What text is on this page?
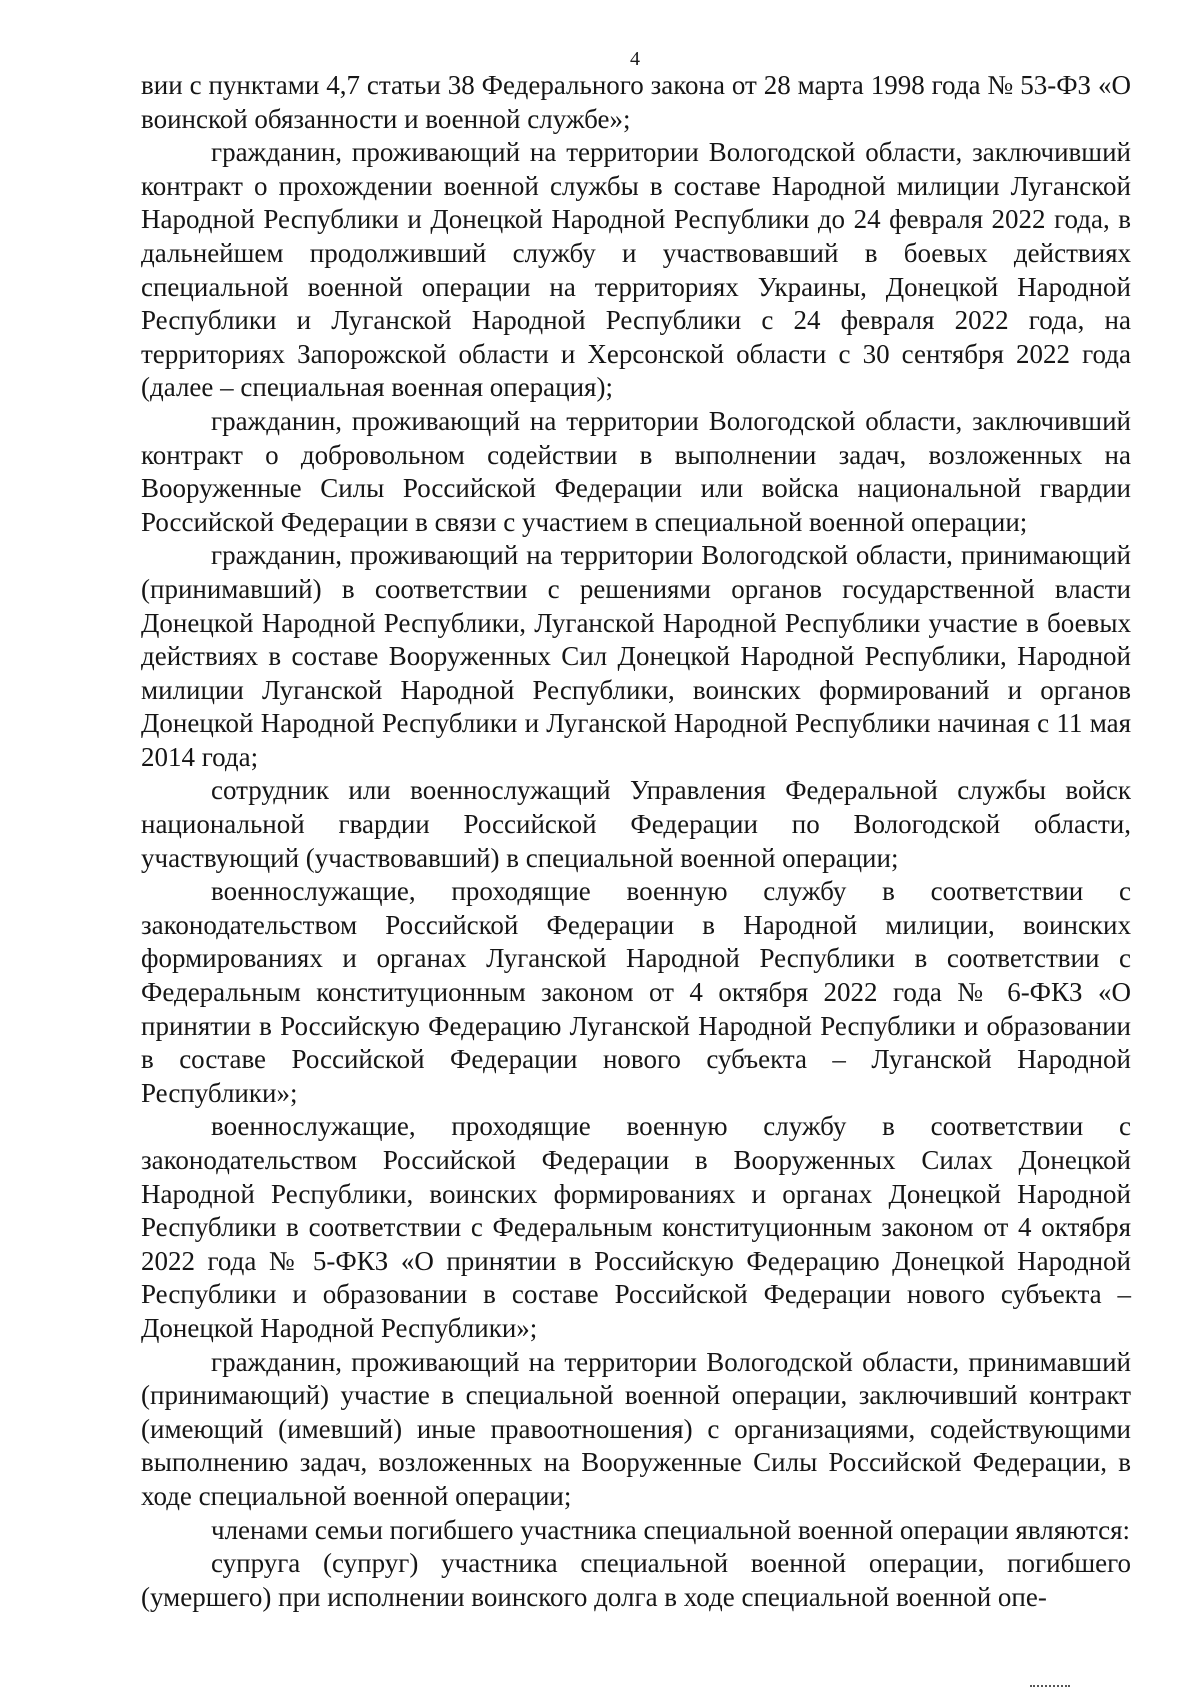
4

вии с пунктами 4,7 статьи 38 Федерального закона от 28 марта 1998 года № 53-ФЗ «О воинской обязанности и военной службе»;

гражданин, проживающий на территории Вологодской области, заключивший контракт о прохождении военной службы в составе Народной милиции Луганской Народной Республики и Донецкой Народной Республики до 24 февраля 2022 года, в дальнейшем продолживший службу и участвовавший в боевых действиях специальной военной операции на территориях Украины, Донецкой Народной Республики и Луганской Народной Республики с 24 февраля 2022 года, на территориях Запорожской области и Херсонской области с 30 сентября 2022 года (далее – специальная военная операция);

гражданин, проживающий на территории Вологодской области, заключивший контракт о добровольном содействии в выполнении задач, возложенных на Вооруженные Силы Российской Федерации или войска национальной гвардии Российской Федерации в связи с участием в специальной военной операции;

гражданин, проживающий на территории Вологодской области, принимающий (принимавший) в соответствии с решениями органов государственной власти Донецкой Народной Республики, Луганской Народной Республики участие в боевых действиях в составе Вооруженных Сил Донецкой Народной Республики, Народной милиции Луганской Народной Республики, воинских формирований и органов Донецкой Народной Республики и Луганской Народной Республики начиная с 11 мая 2014 года;

сотрудник или военнослужащий Управления Федеральной службы войск национальной гвардии Российской Федерации по Вологодской области, участвующий (участвовавший) в специальной военной операции;

военнослужащие, проходящие военную службу в соответствии с законодательством Российской Федерации в Народной милиции, воинских формированиях и органах Луганской Народной Республики в соответствии с Федеральным конституционным законом от 4 октября 2022 года № 6-ФКЗ «О принятии в Российскую Федерацию Луганской Народной Республики и образовании в составе Российской Федерации нового субъекта – Луганской Народной Республики»;

военнослужащие, проходящие военную службу в соответствии с законодательством Российской Федерации в Вооруженных Силах Донецкой Народной Республики, воинских формированиях и органах Донецкой Народной Республики в соответствии с Федеральным конституционным законом от 4 октября 2022 года № 5-ФКЗ «О принятии в Российскую Федерацию Донецкой Народной Республики и образовании в составе Российской Федерации нового субъекта – Донецкой Народной Республики»;

гражданин, проживающий на территории Вологодской области, принимавший (принимающий) участие в специальной военной операции, заключивший контракт (имеющий (имевший) иные правоотношения) с организациями, содействующими выполнению задач, возложенных на Вооруженные Силы Российской Федерации, в ходе специальной военной операции;

членами семьи погибшего участника специальной военной операции являются:

супруга (супруг) участника специальной военной операции, погибшего (умершего) при исполнении воинского долга в ходе специальной военной опе-
